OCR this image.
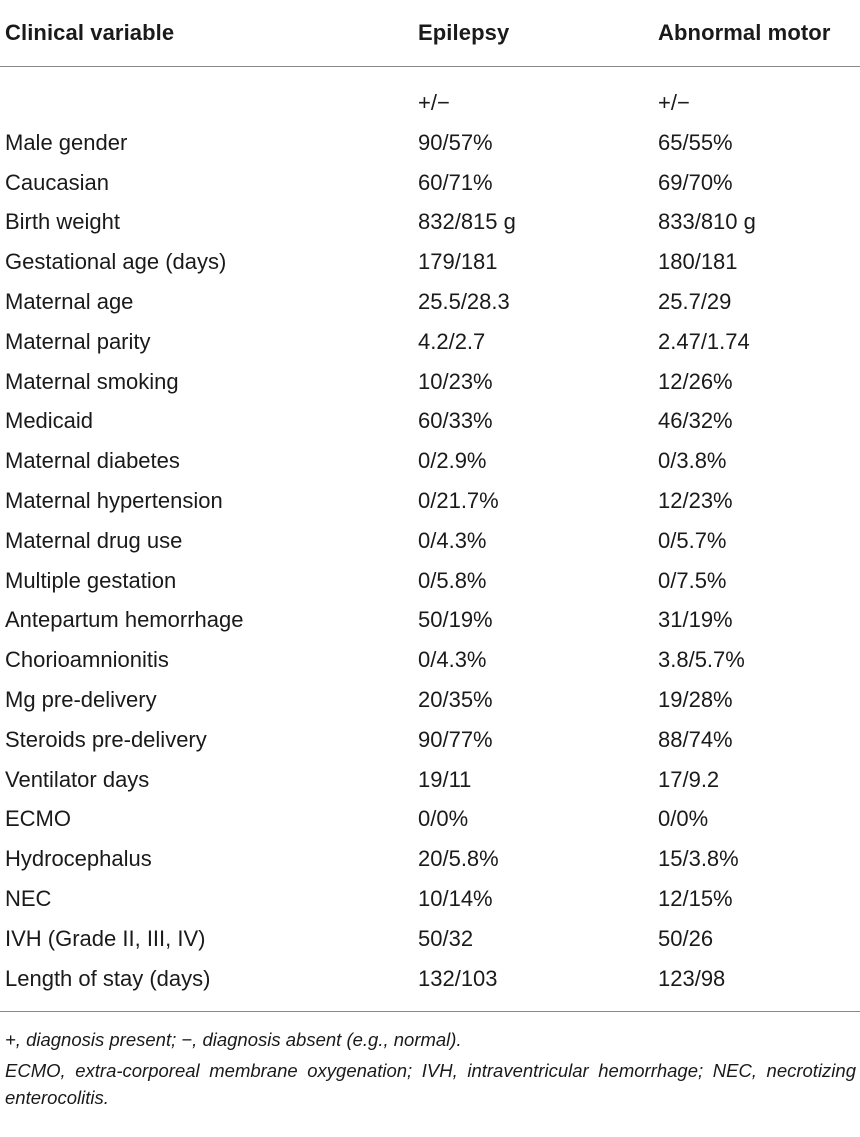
Clinical variable	Epilepsy	Abnormal motor

	+/−	+/−
Male gender	90/57%	65/55%
Caucasian	60/71%	69/70%
Birth weight	832/815 g	833/810 g
Gestational age (days)	179/181	180/181
Maternal age	25.5/28.3	25.7/29
Maternal parity	4.2/2.7	2.47/1.74
Maternal smoking	10/23%	12/26%
Medicaid	60/33%	46/32%
Maternal diabetes	0/2.9%	0/3.8%
Maternal hypertension	0/21.7%	12/23%
Maternal drug use	0/4.3%	0/5.7%
Multiple gestation	0/5.8%	0/7.5%
Antepartum hemorrhage	50/19%	31/19%
Chorioamnionitis	0/4.3%	3.8/5.7%
Mg pre-delivery	20/35%	19/28%
Steroids pre-delivery	90/77%	88/74%
Ventilator days	19/11	17/9.2
ECMO	0/0%	0/0%
Hydrocephalus	20/5.8%	15/3.8%
NEC	10/14%	12/15%
IVH (Grade II, III, IV)	50/32	50/26
Length of stay (days)	132/103	123/98

+, diagnosis present; −, diagnosis absent (e.g., normal).

ECMO, extra-corporeal membrane oxygenation; IVH, intraventricular hemorrhage; NEC, necrotizing enterocolitis.
